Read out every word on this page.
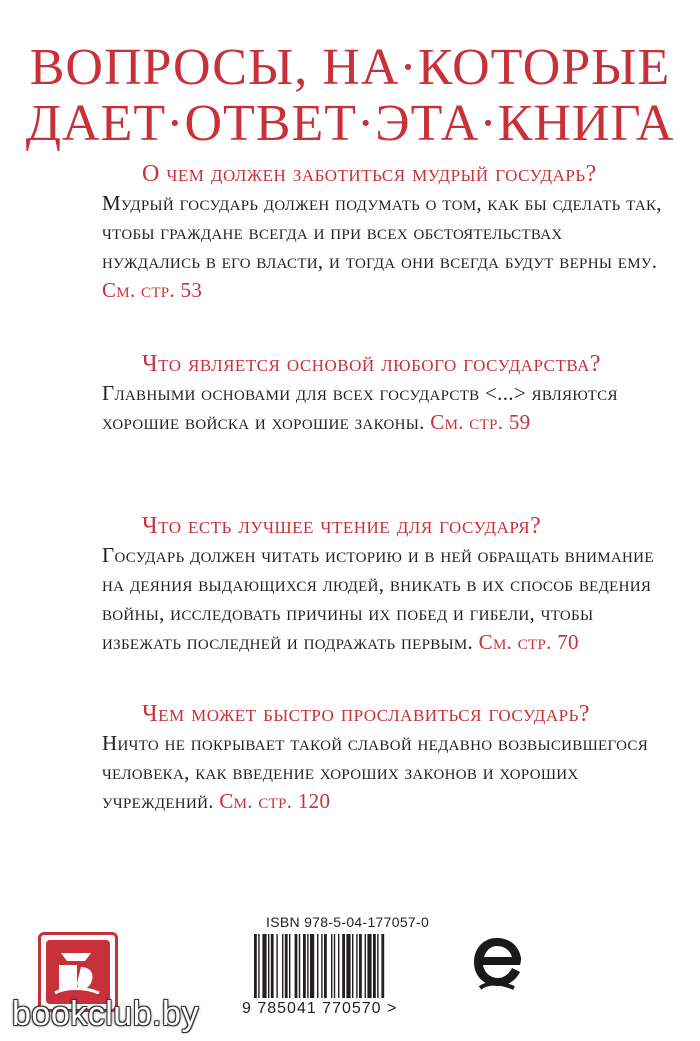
ВОПРОСЫ, НА·КОТОРЫЕ
ДАЕТ·ОТВЕТ·ЭТА·КНИГА
О чем должен заботиться мудрый государь?
Мудрый государь должен подумать о том, как бы сделать так, чтобы граждане всегда и при всех обстоятельствах нуждались в его власти, и тогда они всегда будут верны ему. См. стр. 53
Что является основой любого государства?
Главными основами для всех государств <...> являются хорошие войска и хорошие законы. См. стр. 59
Что есть лучшее чтение для государя?
Государь должен читать историю и в ней обращать внимание на деяния выдающихся людей, вникать в их способ ведения войны, исследовать причины их побед и гибели, чтобы избежать последней и подражать первым. См. стр. 70
Чем может быстро прославиться государь?
Ничто не покрывает такой славой недавно возвысившегося человека, как введение хороших законов и хороших учреждений. См. стр. 120
bookclub.by
ISBN 978-5-04-177057-0
9 785041 770570 >
